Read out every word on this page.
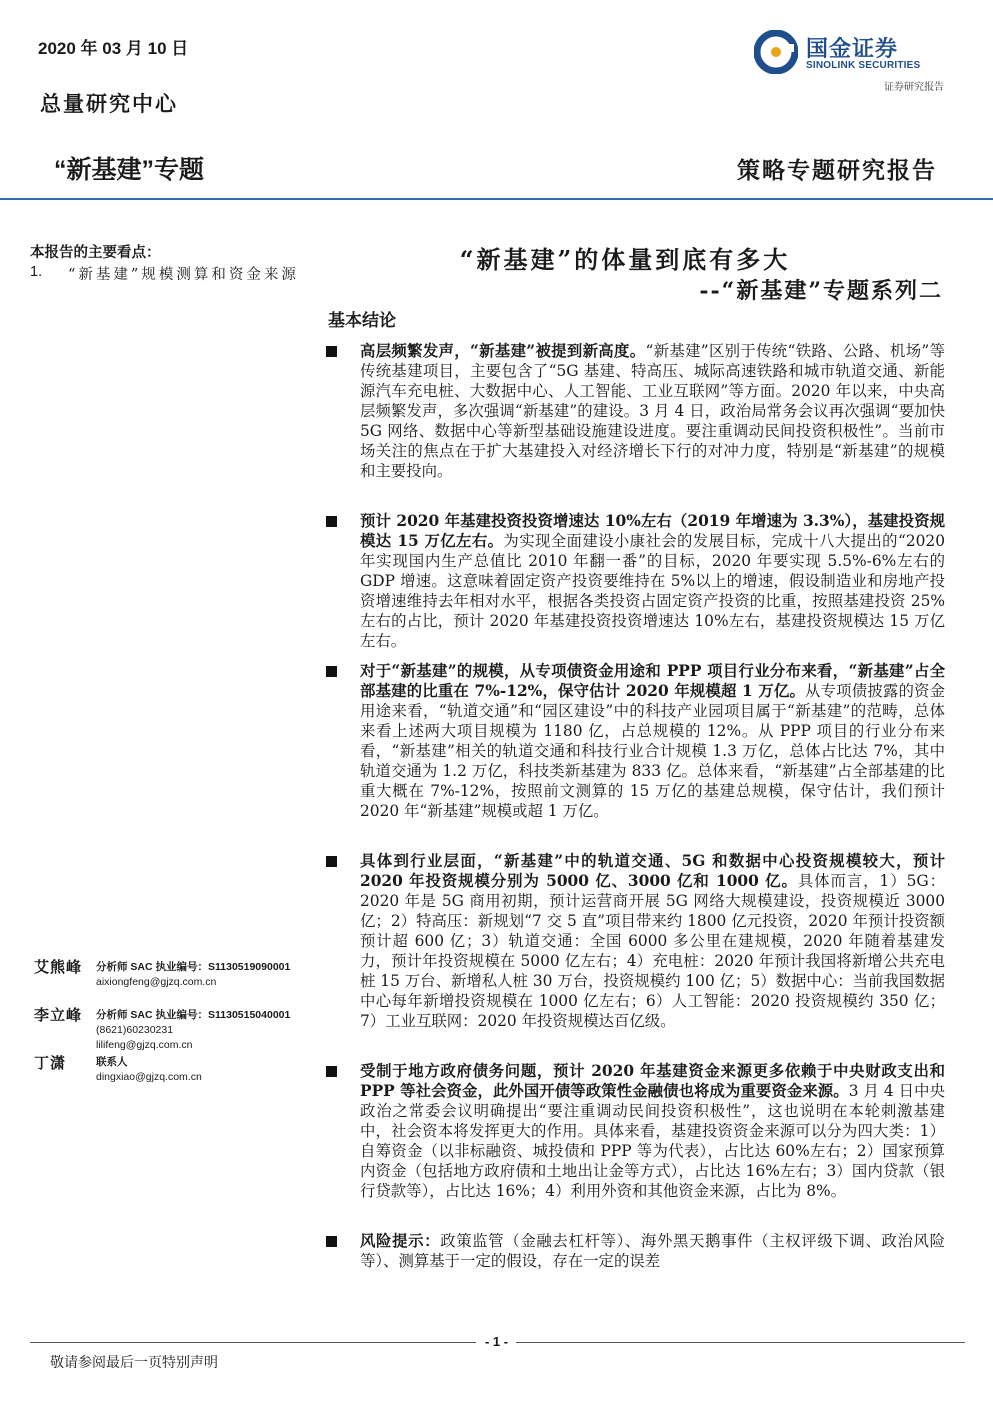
2020 年 03 月 10 日
总量研究中心
“新基建”专题	策略专题研究报告
国金证券
SINOLINK SECURITIES
证券研究报告
本报告的主要看点：
1. “新基建”规模测算和资金来源
“新基建”的体量到底有多大
--“新基建”专题系列二
基本结论
高层频繁发声，“新基建”被提到新高度。“新基建”区别于传统“铁路、公路、机场”等传统基建项目，主要包含了“5G 基建、特高压、城际高速铁路和城市轨道交通、新能源汽车充电桩、大数据中心、人工智能、工业互联网”等方面。2020 年以来，中央高层频繁发声，多次强调“新基建”的建设。3 月 4 日，政治局常务会议再次强调“要加快 5G 网络、数据中心等新型基础设施建设进度。要注重调动民间投资积极性”。当前市场关注的焦点在于扩大基建投入对经济增长下行的对冲力度，特别是“新基建”的规模和主要投向。
预计 2020 年基建投资投资增速达 10%左右（2019 年增速为 3.3%），基建投资规模达 15 万亿左右。为实现全面建设小康社会的发展目标，完成十八大提出的“2020 年实现国内生产总值比 2010 年翻一番”的目标，2020 年要实现 5.5%-6%左右的 GDP 增速。这意味着固定资产投资要维持在 5%以上的增速，假设制造业和房地产投资增速维持去年相对水平，根据各类投资占固定资产投资的比重，按照基建投资 25%左右的占比，预计 2020 年基建投资投资增速达 10%左右，基建投资规模达 15 万亿左右。
对于“新基建”的规模，从专项债资金用途和 PPP 项目行业分布来看，“新基建”占全部基建的比重在 7%-12%，保守估计 2020 年规模超 1 万亿。从专项债披露的资金用途来看，“轨道交通”和“园区建设”中的科技产业园项目属于“新基建”的范畴，总体来看上述两大项目规模为 1180 亿，占总规模的 12%。从 PPP 项目的行业分布来看，“新基建”相关的轨道交通和科技行业合计规模 1.3 万亿，总体占比达 7%，其中轨道交通为 1.2 万亿，科技类新基建为 833 亿。总体来看，“新基建”占全部基建的比重大概在 7%-12%，按照前文测算的 15 万亿的基建总规模，保守估计，我们预计 2020 年“新基建”规模或超 1 万亿。
具体到行业层面，“新基建”中的轨道交通、5G 和数据中心投资规模较大，预计 2020 年投资规模分别为 5000 亿、3000 亿和 1000 亿。具体而言，1）5G：2020 年是 5G 商用初期，预计运营商开展 5G 网络大规模建设，投资规模近 3000 亿；2）特高压：新规划“7 交 5 直”项目带来约 1800 亿元投资，2020 年预计投资额预计超 600 亿；3）轨道交通：全国 6000 多公里在建规模，2020 年随着基建发力，预计年投资规模在 5000 亿左右；4）充电桩：2020 年预计我国将新增公共充电桩 15 万台、新增私人桩 30 万台，投资规模约 100 亿；5）数据中心：当前我国数据中心每年新增投资规模在 1000 亿左右；6）人工智能：2020 投资规模约 350 亿；7）工业互联网：2020 年投资规模达百亿级。
受制于地方政府债务问题，预计 2020 年基建资金来源更多依赖于中央财政支出和 PPP 等社会资金，此外国开债等政策性金融债也将成为重要资金来源。3 月 4 日中央政治之常委会议明确提出“要注重调动民间投资积极性”，这也说明在本轮刺激基建中，社会资本将发挥更大的作用。具体来看，基建投资资金来源可以分为四大类：1）自筹资金（以非标融资、城投债和 PPP 等为代表），占比达 60%左右；2）国家预算内资金（包括地方政府债和土地出让金等方式），占比达 16%左右；3）国内贷款（银行贷款等），占比达 16%；4）利用外资和其他资金来源，占比为 8%。
风险提示：政策监管（金融去杠杆等）、海外黑天鹅事件（主权评级下调、政治风险等）、测算基于一定的假设，存在一定的误差
艾熊峰 分析师 SAC 执业编号：S1130519090001
aixiongfeng@gjzq.com.cn
李立峰 分析师 SAC 执业编号：S1130515040001
(8621)60230231
lilifeng@gjzq.com.cn
丁潇	联系人
dingxiao@gjzq.com.cn
- 1 -
敬请参阅最后一页特别声明
